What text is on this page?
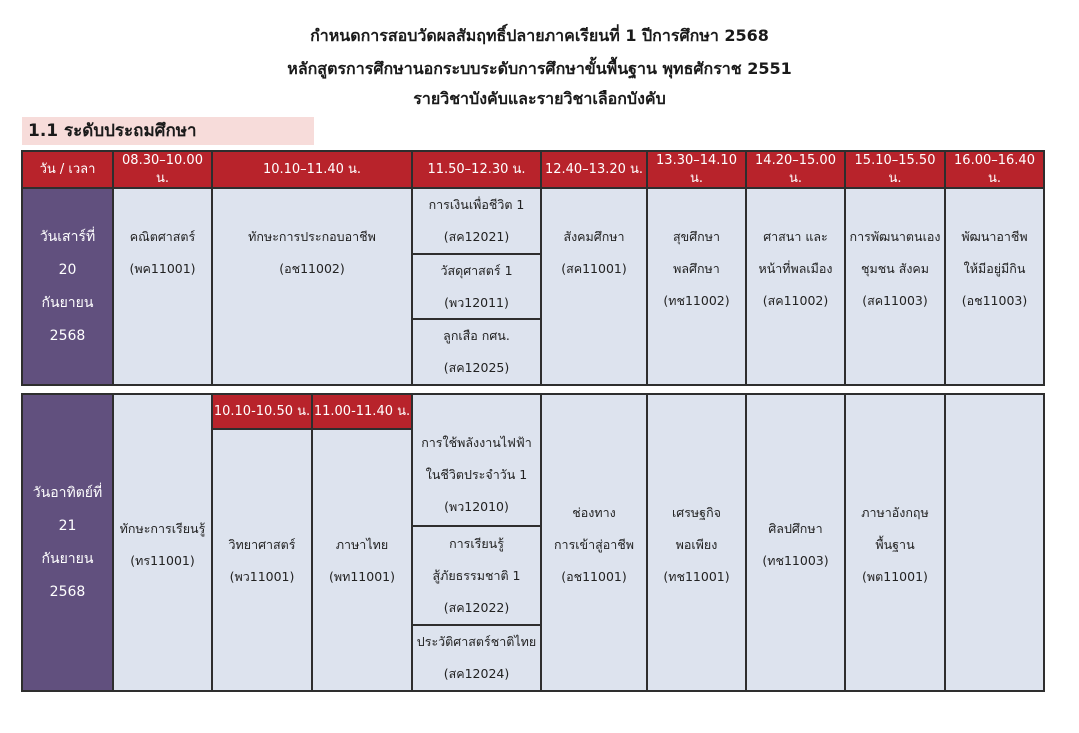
กำหนดการสอบวัดผลสัมฤทธิ์ปลายภาคเรียนที่ 1 ปีการศึกษา 2568
หลักสูตรการศึกษานอกระบบระดับการศึกษาขั้นพื้นฐาน พุทธศักราช 2551
รายวิชาบังคับและรายวิชาเลือกบังคับ
1.1 ระดับประถมศึกษา
วัน / เวลา
08.30–10.00 น.
10.10–11.40 น.	11.50–12.30 น.	12.40–13.20 น.
13.30–14.10 น.
14.20–15.00 น.
15.10–15.50 น.
16.00–16.40 น.
วันเสาร์ที่
20
กันยายน
2568
คณิตศาสตร์
(พค11001)
ทักษะการประกอบอาชีพ
(อช11002)
การเงินเพื่อชีวิต 1
(สค12021)
วัสดุศาสตร์ 1
(พว12011)
ลูกเสือ กศน.
(สค12025)
สังคมศึกษา
(สค11001)
สุขศึกษา
พลศึกษา
(ทช11002)
ศาสนา และ
หน้าที่พลเมือง
(สค11002)
การพัฒนาตนเอง
ชุมชน สังคม
(สค11003)
พัฒนาอาชีพ
ให้มีอยู่มีกิน
(อช11003)
วันอาทิตย์ที่
21
กันยายน
2568
ทักษะการเรียนรู้
(ทร11001)
10.10-10.50 น. 11.00-11.40 น.
วิทยาศาสตร์
(พว11001)
ภาษาไทย
(พท11001)
การใช้พลังงานไฟฟ้า
ในชีวิตประจำวัน 1
(พว12010)
การเรียนรู้
สู้ภัยธรรมชาติ 1
(สค12022)
ประวัติศาสตร์ชาติไทย
(สค12024)
ช่องทาง
การเข้าสู่อาชีพ
(อช11001)
เศรษฐกิจ
พอเพียง
(ทช11001)
ศิลปศึกษา
(ทช11003)
ภาษาอังกฤษ
พื้นฐาน
(พต11001)
